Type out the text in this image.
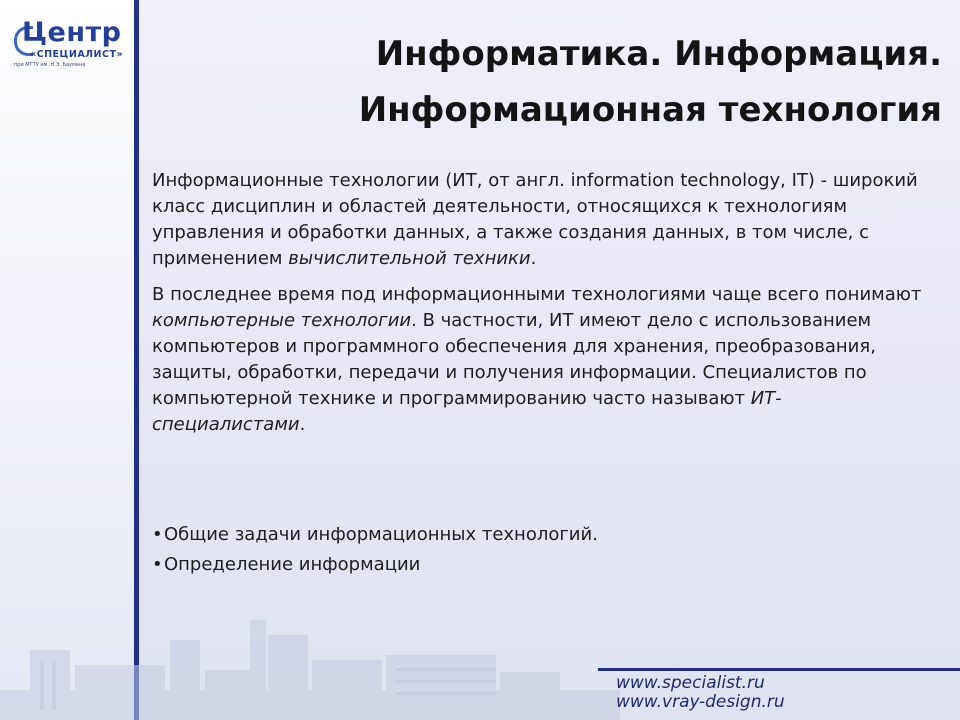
Центр
«СПЕЦИАЛИСТ»
при МГТУ им. Н.Э. Баумана	Информатика. Информация.
Информационная технология

Информационные технологии (ИТ, от англ. information technology, IT) - широкий класс дисциплин и областей деятельности, относящихся к технологиям управления и обработки данных, а также создания данных, в том числе, с применением вычислительной техники.

В последнее время под информационными технологиями чаще всего понимают компьютерные технологии. В частности, ИТ имеют дело с использованием компьютеров и программного обеспечения для хранения, преобразования, защиты, обработки, передачи и получения информации. Специалистов по компьютерной технике и программированию часто называют ИТ-специалистами.

• Общие задачи информационных технологий.
• Определение информации
www.specialist.ru
www.vray-design.ru
